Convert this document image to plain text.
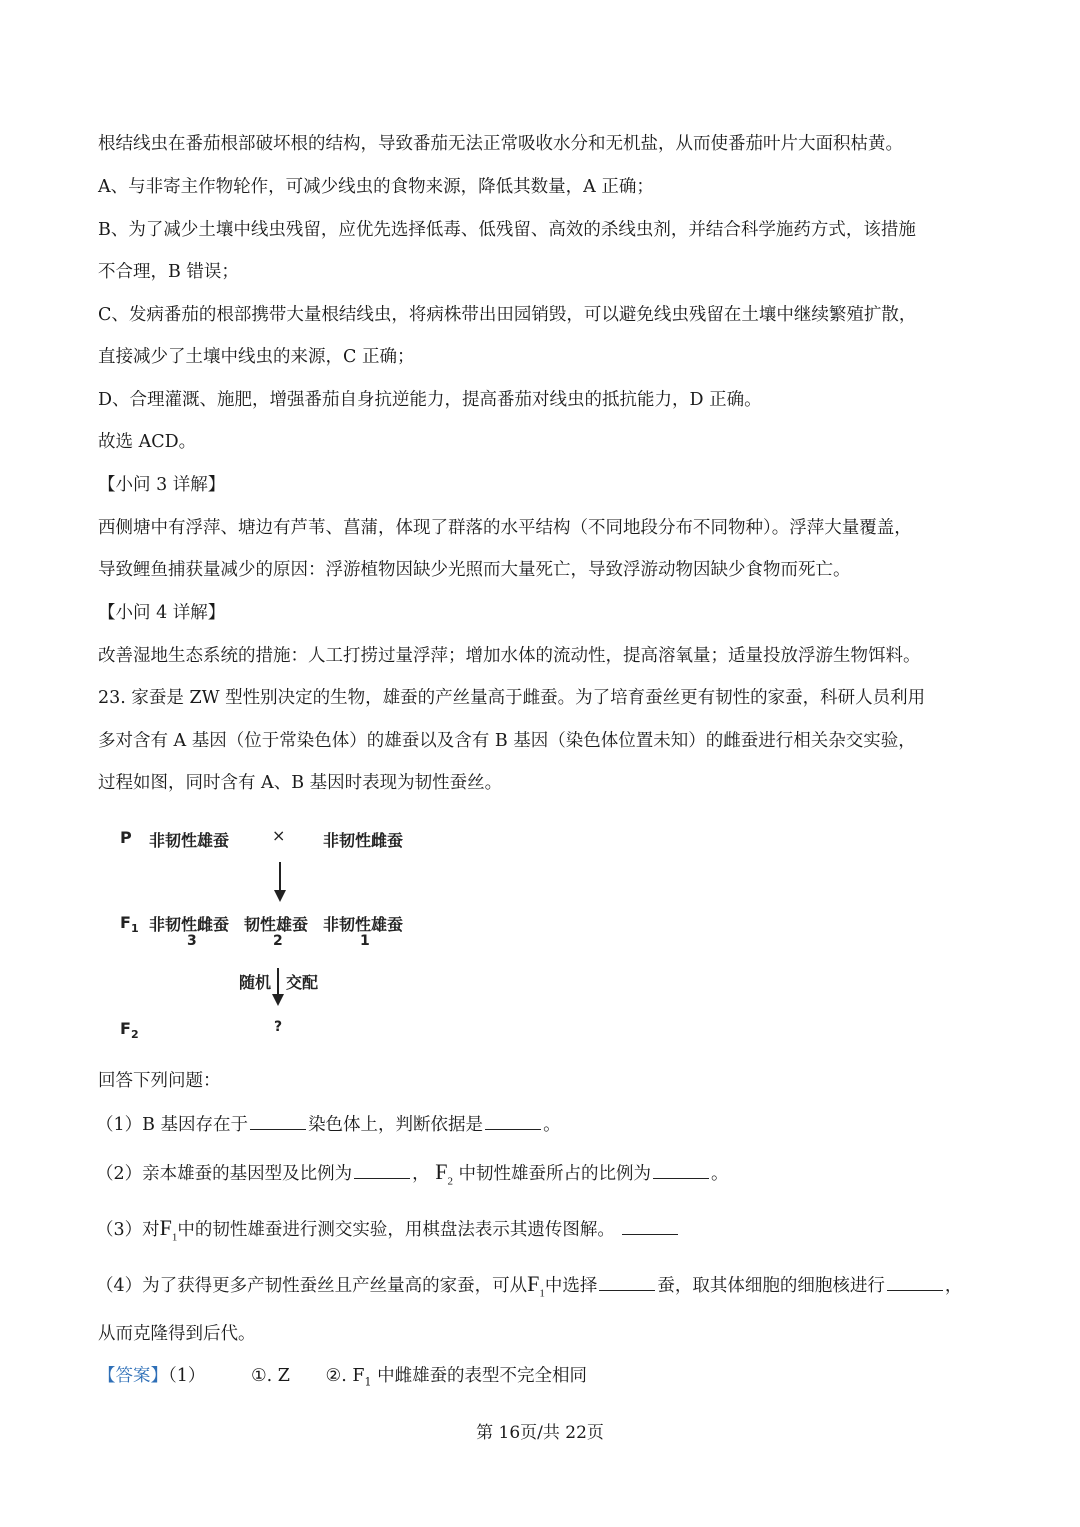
根结线虫在番茄根部破坏根的结构，导致番茄无法正常吸收水分和无机盐，从而使番茄叶片大面积枯黄。

A、与非寄主作物轮作，可减少线虫的食物来源，降低其数量，A 正确；

B、为了减少土壤中线虫残留，应优先选择低毒、低残留、高效的杀线虫剂，并结合科学施药方式，该措施

不合理，B 错误；

C、发病番茄的根部携带大量根结线虫，将病株带出田园销毁，可以避免线虫残留在土壤中继续繁殖扩散，

直接减少了土壤中线虫的来源，C 正确；

D、合理灌溉、施肥，增强番茄自身抗逆能力，提高番茄对线虫的抵抗能力，D 正确。

故选 ACD。

【小问 3 详解】

西侧塘中有浮萍、塘边有芦苇、菖蒲，体现了群落的水平结构（不同地段分布不同物种）。浮萍大量覆盖，

导致鲤鱼捕获量减少的原因：浮游植物因缺少光照而大量死亡，导致浮游动物因缺少食物而死亡。

【小问 4 详解】

改善湿地生态系统的措施：人工打捞过量浮萍；增加水体的流动性，提高溶氧量；适量投放浮游生物饵料。

23. 家蚕是 ZW 型性别决定的生物，雄蚕的产丝量高于雌蚕。为了培育蚕丝更有韧性的家蚕，科研人员利用

多对含有 A 基因（位于常染色体）的雄蚕以及含有 B 基因（染色体位置未知）的雌蚕进行相关杂交实验，

过程如图，同时含有 A、B 基因时表现为韧性蚕丝。

P 非韧性雄蚕	× 非韧性雌蚕
$F_1$ 非韧性雌蚕 韧性雄蚕 非韧性雄蚕
3	2	1
随机 交配
$F_2$	?

回答下列问题：

（1）B 基因存在于	染色体上，判断依据是	。

（2）亲本雄蚕的基因型及比例为	， $F_2$ 中韧性雄蚕所占的比例为	。

（3）对$F_1$中的韧性雄蚕进行测交实验，用棋盘法表示其遗传图解。

（4）为了获得更多产韧性蚕丝且产丝量高的家蚕，可从$F_1$中选择	蚕，取其体细胞的细胞核进行	，

从而克隆得到后代。

【答案】（1）	①. Z ②. $F_1$ 中雌雄蚕的表型不完全相同

第 16页/共 22页
